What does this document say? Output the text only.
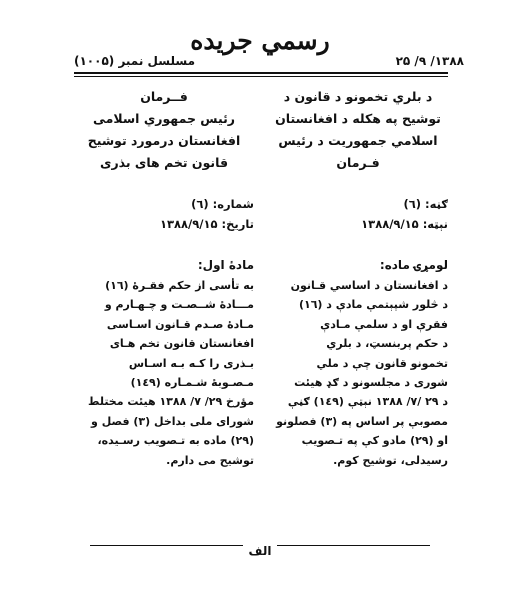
رسمي جريده
۲۵ /۹ /۱۳۸۸
مسلسل نمبر (۱۰۰۵)
د بلري تخمونو د قانون د
توشيح په هکله د افغانستان
اسلامي جمهوريت د رئيس
فـرمان
ګڼه: (٦)
نېټه: ۱۳۸۸/۹/۱۵
لومړۍ ماده:
د افغانستان د اساسي قـانون
د څلور شپېتمې مادې د (۱٦)
فقرې او د سلمې مـادې
د حکم پربنسټ، د بلري
تخمونو قانون چې د ملي
شورى د مجلسونو د ګډ هيئت
د ۲۹ /۷/ ۱۳۸۸ نېټې (۱٤۹) ګڼې
مصوبې پر اساس په (۳) فصلونو
او (۲۹) مادو کې په تـصويب
رسيدلى، توشيح کوم.
فــرمان
رئيس جمهوري اسلامی
افغانستان درمورد توشيح
قانون تخم هاى بذرى
شماره: (٦)
تاريخ: ۱۳۸۸/۹/۱۵
مادۀ اول:
به تأسی از حکم فقـرۀ (۱٦)
مـــادۀ شــصـت و چـهـارم و
مـادۀ صـدم قـانون اسـاسی
افغانستان قانون تخم هـای
بـذرى را كـه بـه اسـاس
مـصـوبۀ شـمـاره (۱٤۹)
مؤرخ ۲۹/ ۷/ ۱۳۸۸ هيئت مختلط
شوراى ملى بداخل (۳) فصل و
(۲۹) ماده به تـصويب رسـيده،
توشيح مى دارم.
الف
